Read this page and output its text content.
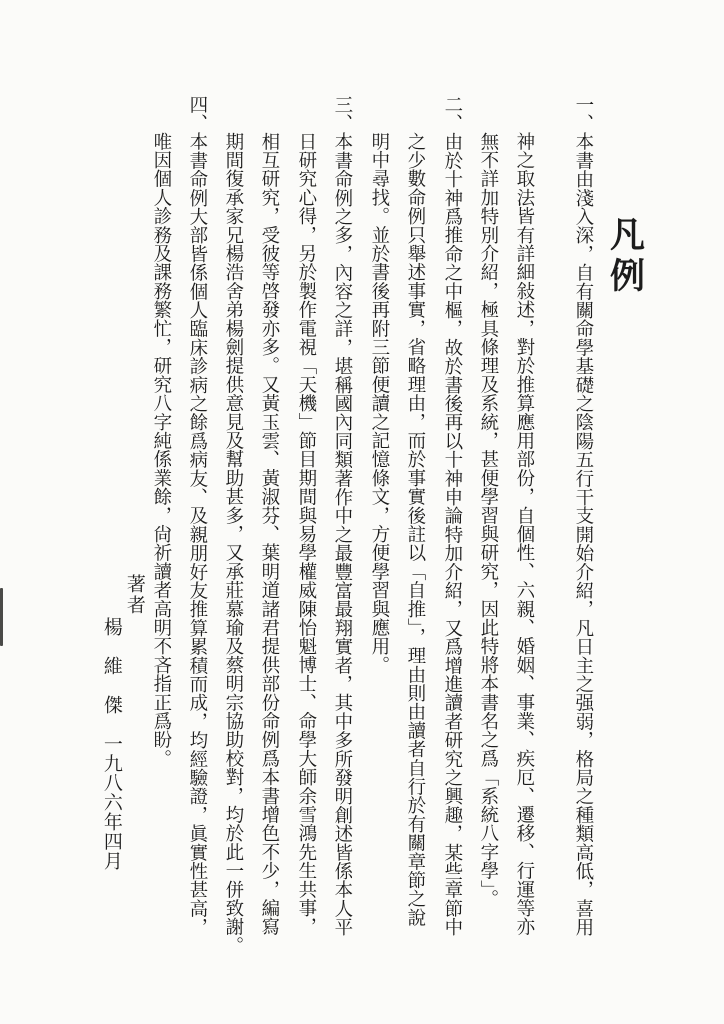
凡例
一、本書由淺入深，自有關命學基礎之陰陽五行干支開始介紹，凡日主之强弱，格局之種類高低，喜用
神之取法皆有詳細敍述，對於推算應用部份，自個性、六親、婚姻、事業、疾厄、遷移、行運等亦
無不詳加特別介紹，極具條理及系統，甚便學習與研究，因此特將本書名之爲「系統八字學」。
二、由於十神爲推命之中樞，故於書後再以十神申論特加介紹，又爲增進讀者研究之興趣，某些章節中
之少數命例只舉述事實，省略理由，而於事實後註以「自推」，理由則由讀者自行於有關章節之說
明中尋找。並於書後再附三節便讀之記憶條文，方便學習與應用。
三、本書命例之多，內容之詳，堪稱國內同類著作中之最豐富最翔實者，其中多所發明創述皆係本人平
日研究心得，另於製作電視「天機」節目期間與易學權威陳怡魁博士、命學大師余雪鴻先生共事，
相互研究，受彼等啓發亦多。又黃玉雲、黃淑芬、葉明道諸君提供部份命例爲本書增色不少，編寫
期間復承家兄楊浩舍弟楊劍提供意見及幫助甚多，又承莊慕瑜及蔡明宗協助校對，均於此一併致謝。
四、本書命例大部皆係個人臨床診病之餘爲病友、及親朋好友推算累積而成，均經驗證，眞實性甚高，
唯因個人診務及課務繁忙，研究八字純係業餘，尙祈讀者高明不吝指正爲盼。
著者
楊　維　傑一九八六年四月
